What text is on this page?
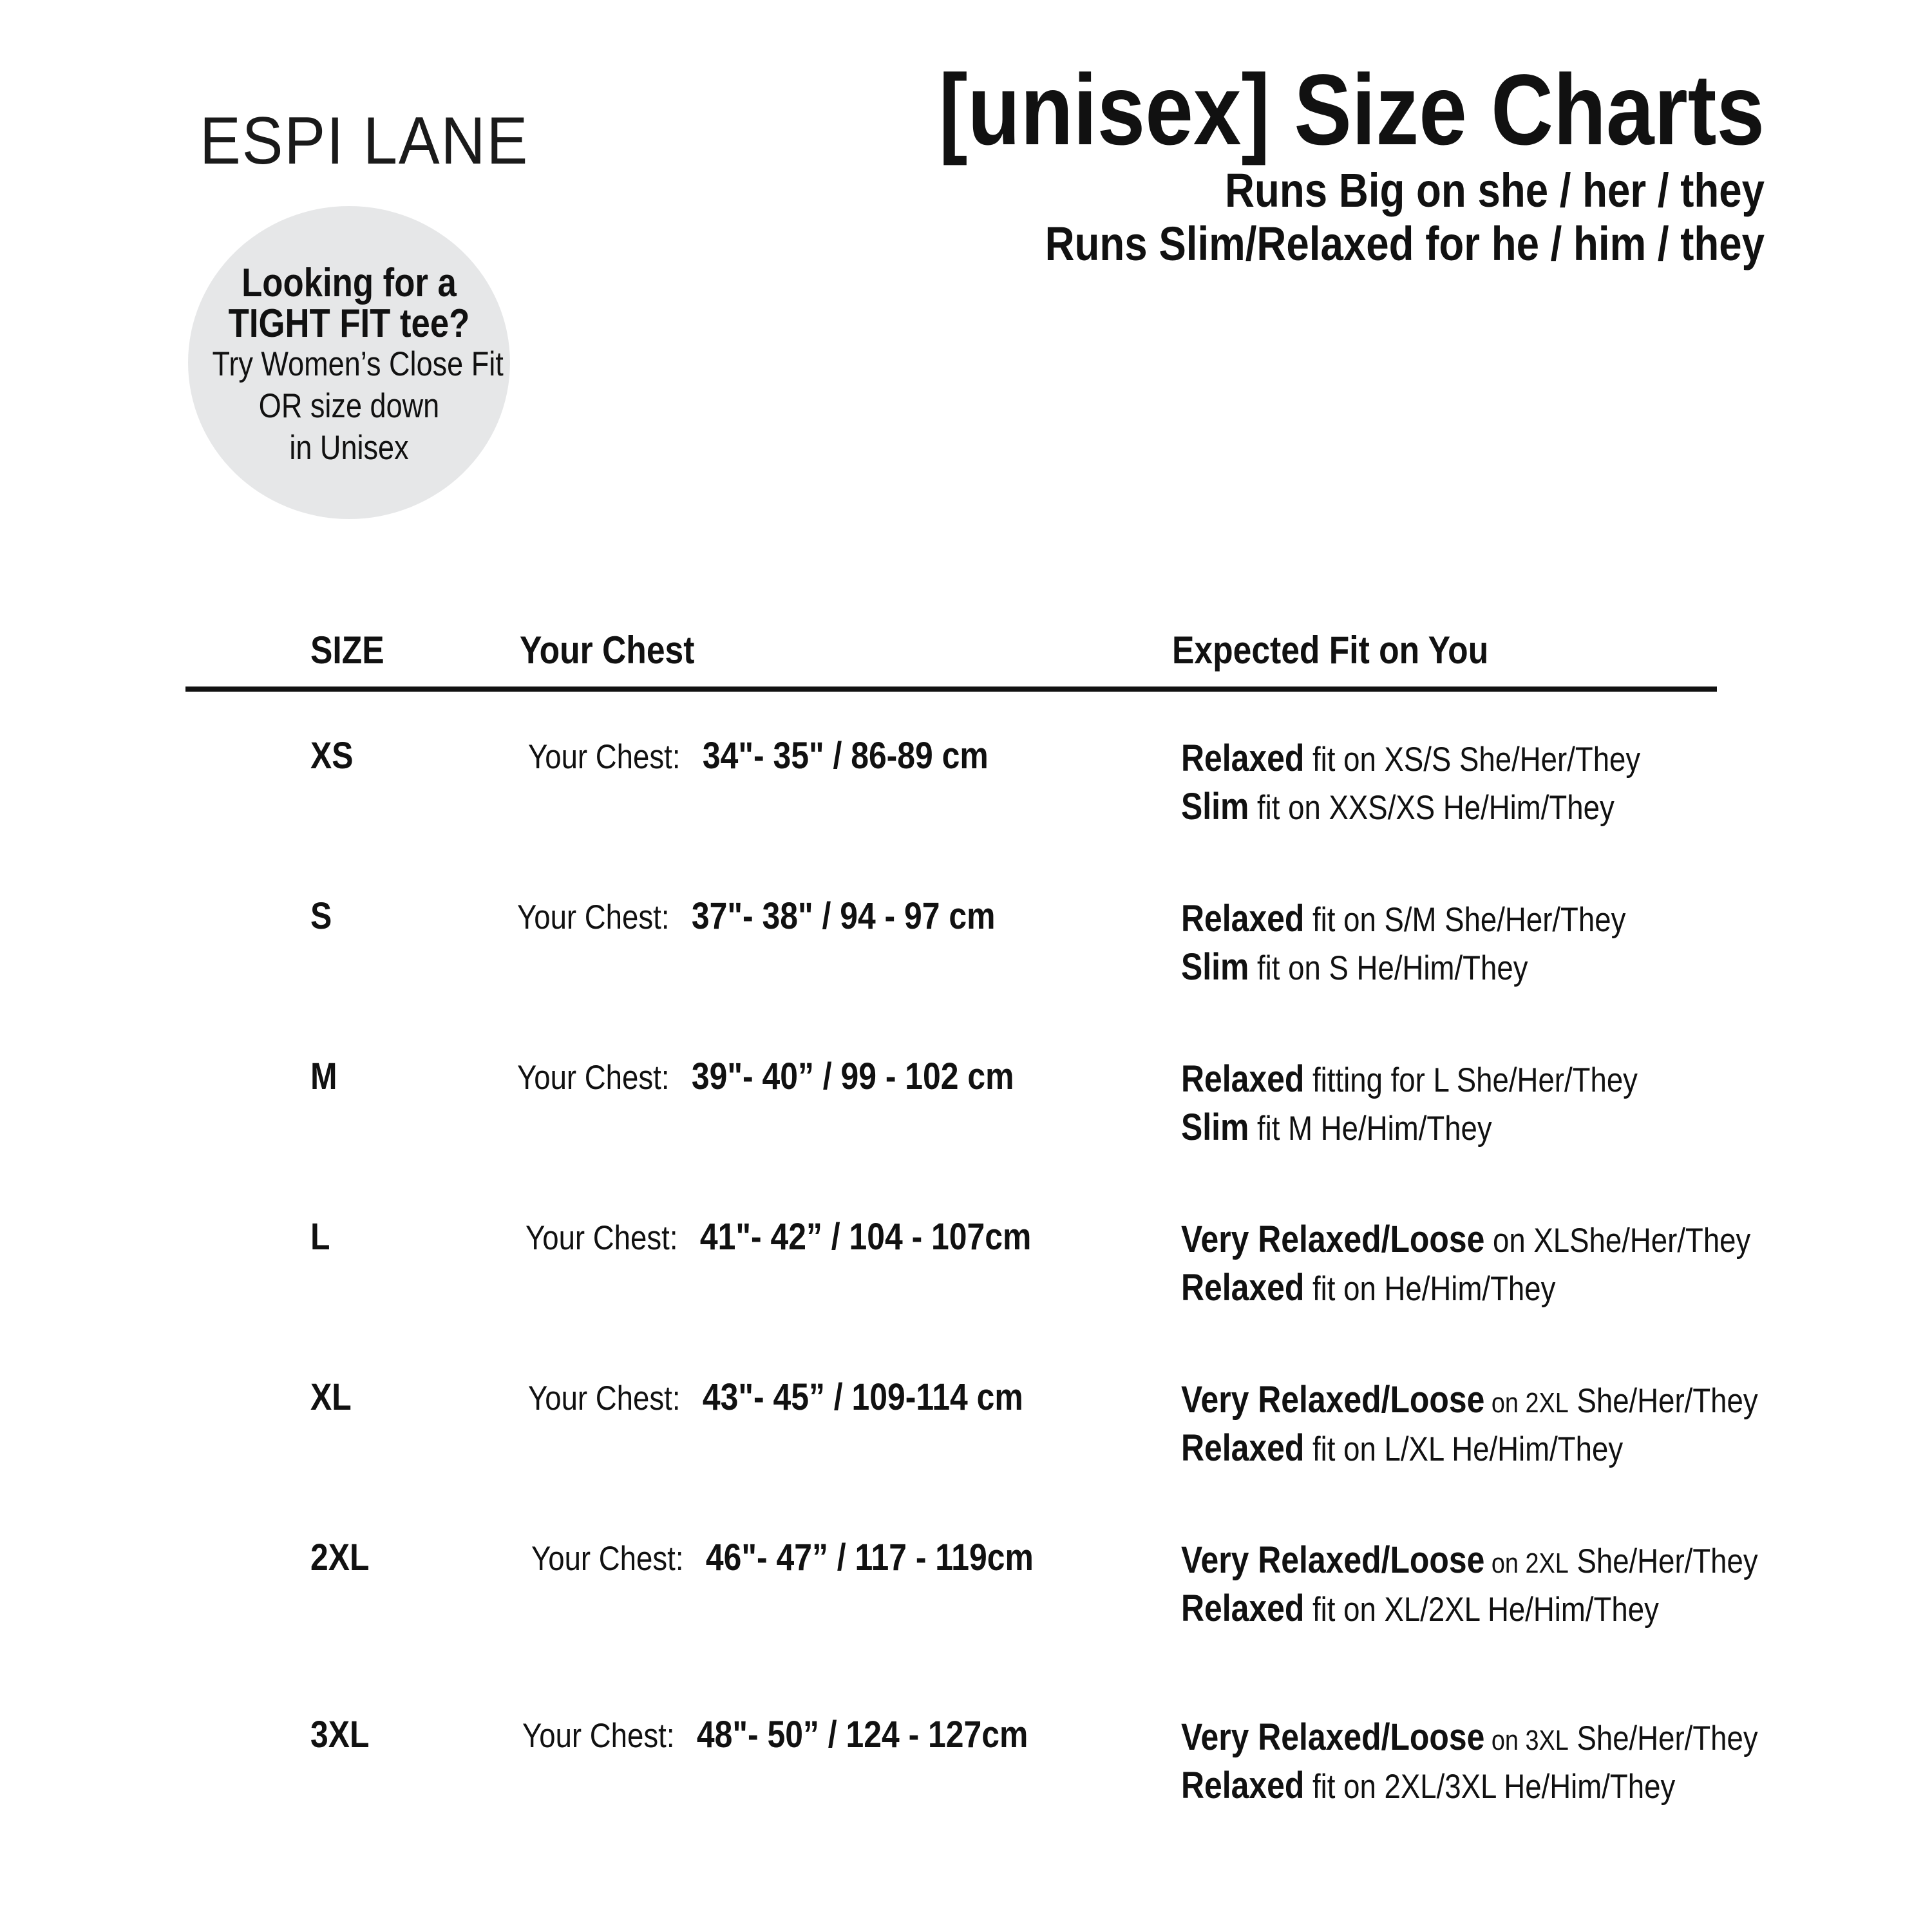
ESPI LANE	[unisex] Size Charts
Runs Big on she / her / they
Runs Slim/Relaxed for he / him / they
Looking for a
TIGHT FIT tee?
Try Women’s Close Fit
OR size down
in Unisex
SIZE	Your Chest	Expected Fit on You
XS	Your Chest: 34"- 35" / 86-89 cm	Relaxed fit on XS/S She/Her/They
Slim fit on XXS/XS He/Him/They
S	Your Chest: 37"- 38" / 94 - 97 cm	Relaxed fit on S/M She/Her/They
Slim fit on S He/Him/They
M	Your Chest: 39"- 40” / 99 - 102 cm	Relaxed fitting for L She/Her/They
Slim fit M He/Him/They
L	Your Chest: 41"- 42” / 104 - 107cm	Very Relaxed/Loose on XLShe/Her/They
Relaxed fit on He/Him/They
XL	Your Chest: 43"- 45” / 109-114 cm	Very Relaxed/Loose on 2XL She/Her/They
Relaxed fit on L/XL He/Him/They
2XL	Your Chest: 46"- 47” / 117 - 119cm	Very Relaxed/Loose on 2XL She/Her/They
Relaxed fit on XL/2XL He/Him/They
3XL	Your Chest: 48"- 50” / 124 - 127cm	Very Relaxed/Loose on 3XL She/Her/They
Relaxed fit on 2XL/3XL He/Him/They
